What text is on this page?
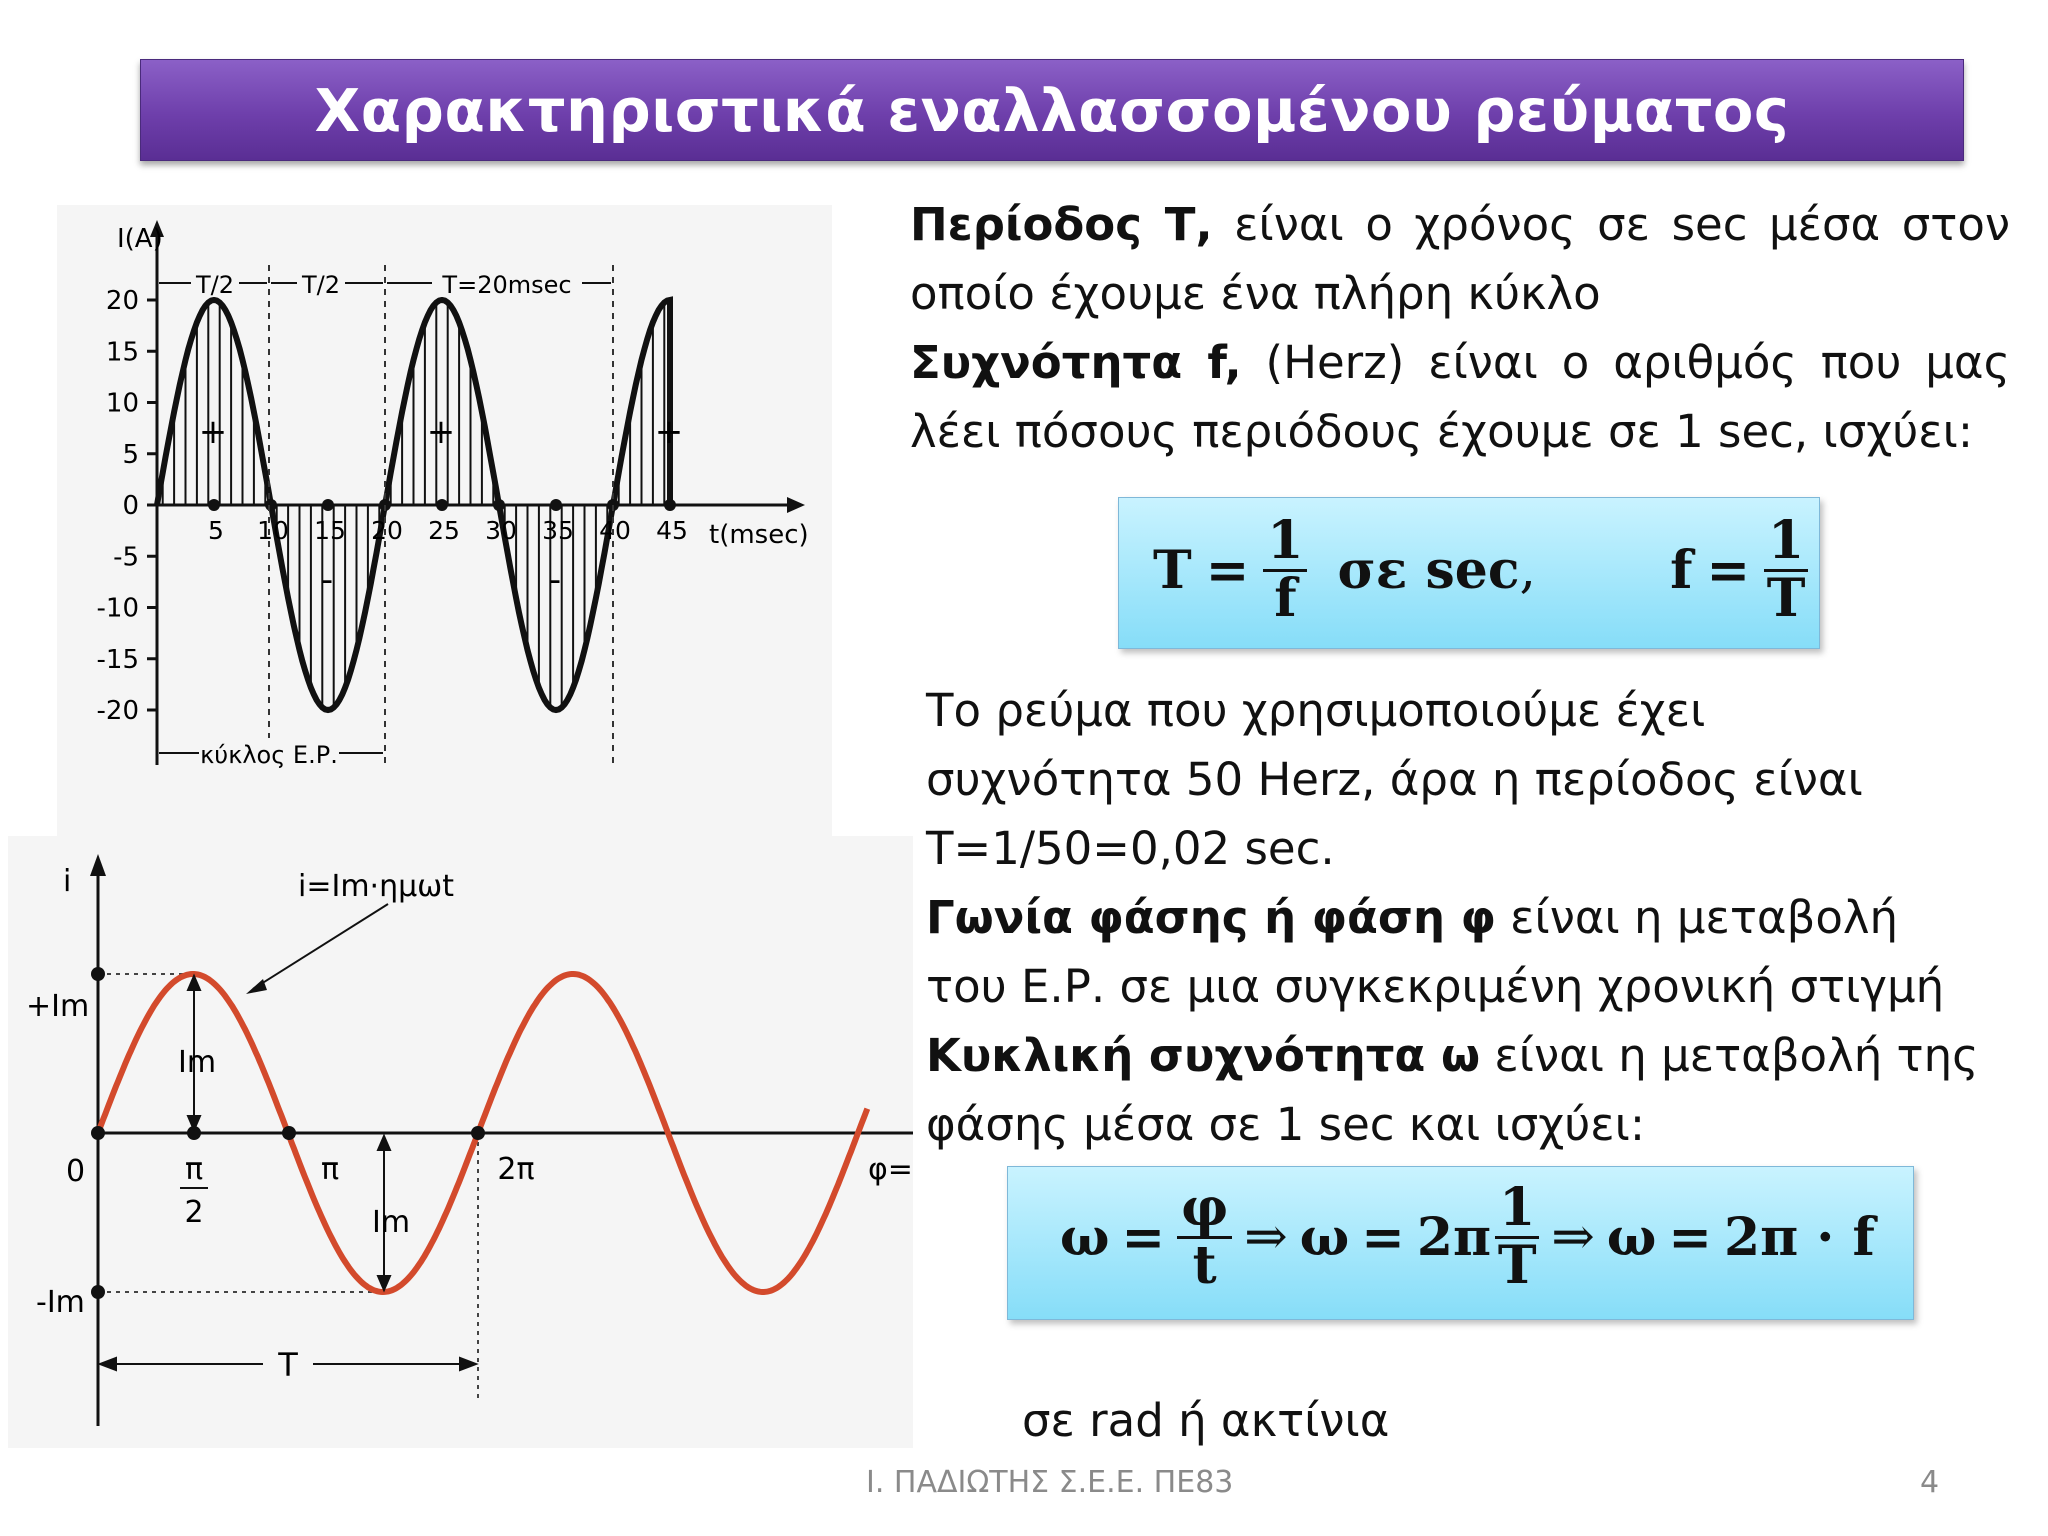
Χαρακτηριστικά εναλλασσομένου ρεύματος
20
15
10
5
0
-5
-10
-15
-20
5 10 15 20 25 30 35 40 45
T/2	T/2	T=20msec
κύκλος Ε.Ρ.
I(A)
t(msec)
+	+	+
-	-
T
i=Im·ημωt
i
+Im
-Im
0
Im
Im
π
2
π	2π	φ=
Περίοδος Τ, είναι ο χρόνος σε sec μέσα στον οποίο έχουμε ένα πλήρη κύκλο
Συχνότητα f, (Herz) είναι ο αριθμός που μας λέει πόσους περιόδους έχουμε σε 1 sec, ισχύει:
$T = \frac{1}{f}$ σε sec ,	$f = \frac{1}{T}$
Το ρεύμα που χρησιμοποιούμε έχει
συχνότητα 50 Herz, άρα η περίοδος είναι
T=1/50=0,02 sec.
Γωνία φάσης ή φάση φ είναι η μεταβολή
του Ε.Ρ. σε μια συγκεκριμένη χρονική στιγμή
Κυκλική συχνότητα ω είναι η μεταβολή της
φάσης μέσα σε 1 sec και ισχύει:
$\omega = \frac{\varphi}{t}$ ⇒ $\omega = 2\pi \frac{1}{T}$ ⇒ ω = 2π · f
σε rad ή ακτίνια
Ι. ΠΑΔΙΩΤΗΣ Σ.Ε.Ε. ΠΕ83	4
